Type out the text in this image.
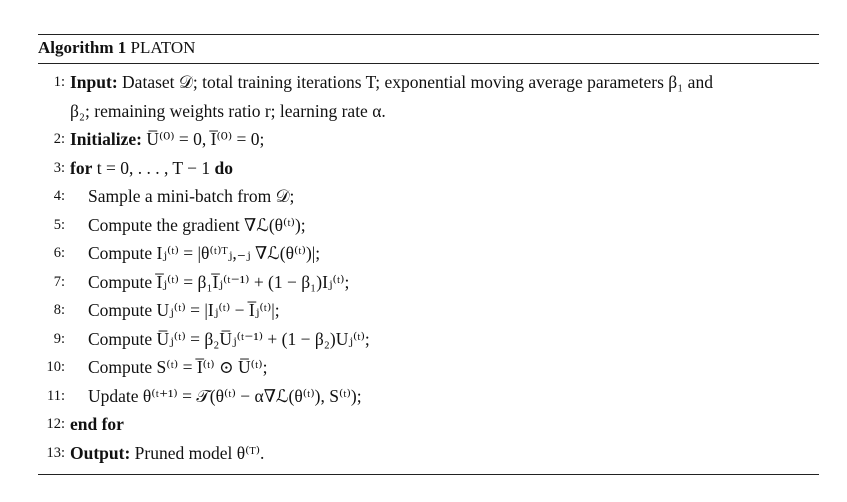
Algorithm 1 PLATON
1: Input: Dataset 𝒟; total training iterations T; exponential moving average parameters β₁ and
β₂; remaining weights ratio r; learning rate α.
2: Initialize: U̅⁽⁰⁾ = 0, I̅⁽⁰⁾ = 0;
3: for t = 0, . . . , T − 1 do
4: Sample a mini-batch from 𝒟;
5: Compute the gradient ∇ℒ(θ⁽ᵗ⁾);
6: Compute Iⱼ⁽ᵗ⁾ = |θ⁽ᵗ⁾ᵀⱼ,₋ⱼ ∇ℒ(θ⁽ᵗ⁾)|;
7: Compute I̅ⱼ⁽ᵗ⁾ = β₁I̅ⱼ⁽ᵗ⁻¹⁾ + (1 − β₁)Iⱼ⁽ᵗ⁾;
8: Compute Uⱼ⁽ᵗ⁾ = |Iⱼ⁽ᵗ⁾ − I̅ⱼ⁽ᵗ⁾|;
9: Compute U̅ⱼ⁽ᵗ⁾ = β₂U̅ⱼ⁽ᵗ⁻¹⁾ + (1 − β₂)Uⱼ⁽ᵗ⁾;
10: Compute S⁽ᵗ⁾ = I̅⁽ᵗ⁾ ⊙ U̅⁽ᵗ⁾;
11: Update θ⁽ᵗ⁺¹⁾ = 𝒯(θ⁽ᵗ⁾ − α∇ℒ(θ⁽ᵗ⁾), S⁽ᵗ⁾);
12: end for
13: Output: Pruned model θ⁽ᵀ⁾.
